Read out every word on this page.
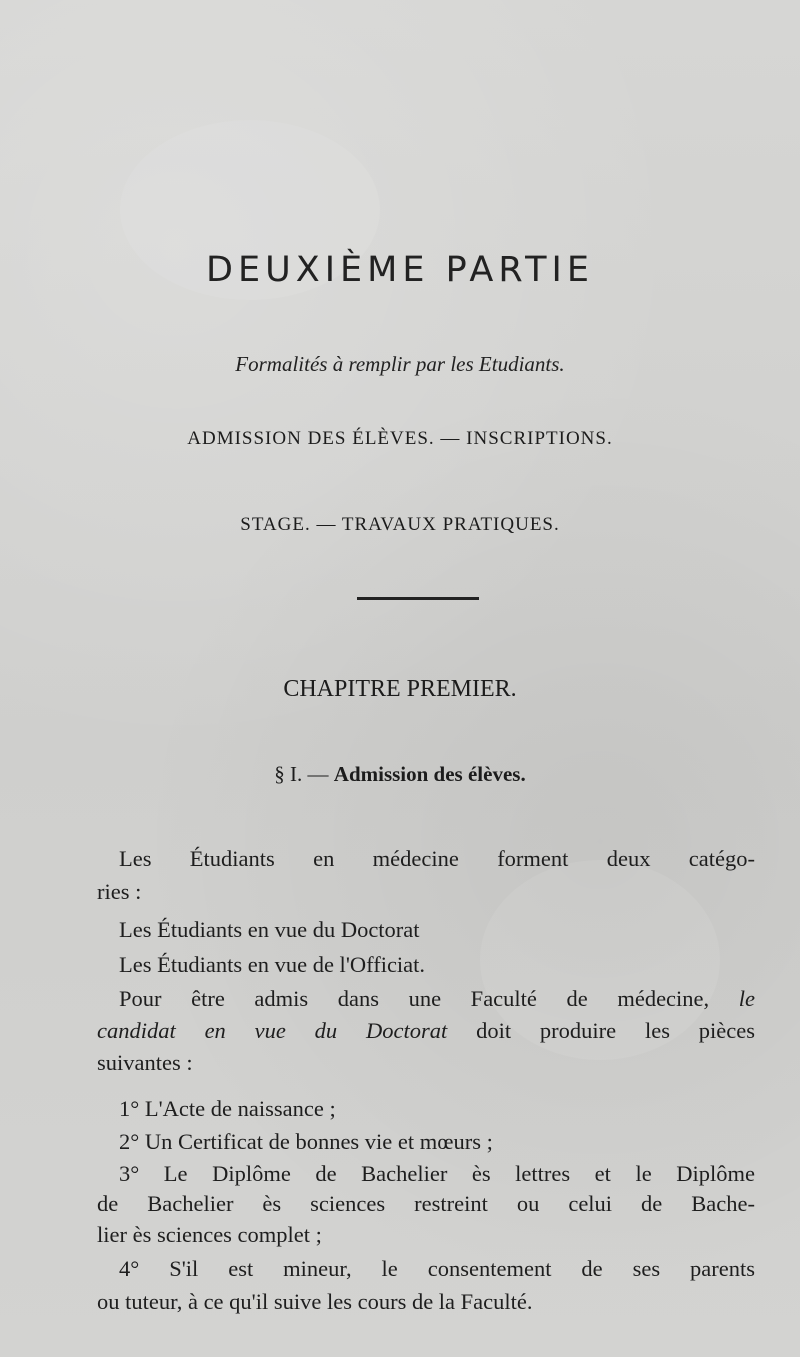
DEUXIÈME PARTIE
Formalités à remplir par les Etudiants.
ADMISSION DES ÉLÈVES. — INSCRIPTIONS.
STAGE. — TRAVAUX PRATIQUES.
CHAPITRE PREMIER.
§ I. — Admission des élèves.
Les Étudiants en médecine forment deux catégo-
ries :
Les Étudiants en vue du Doctorat
Les Étudiants en vue de l'Officiat.
Pour être admis dans une Faculté de médecine, le
candidat en vue du Doctorat doit produire les pièces
suivantes :
1° L'Acte de naissance ;
2° Un Certificat de bonnes vie et mœurs ;
3° Le Diplôme de Bachelier ès lettres et le Diplôme
de Bachelier ès sciences restreint ou celui de Bache-
lier ès sciences complet ;
4° S'il est mineur, le consentement de ses parents
ou tuteur, à ce qu'il suive les cours de la Faculté.
